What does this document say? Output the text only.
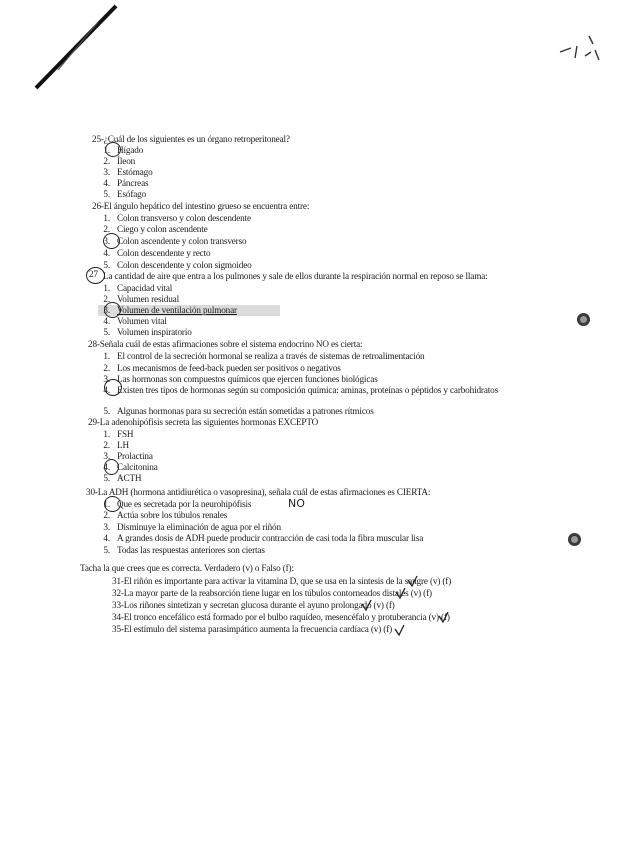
25-¿Cuál de los siguientes es un órgano retroperitoneal?
1. Hígado
2. Íleon
3. Estómago
4. Páncreas
5. Esófago
26-El ángulo hepático del intestino grueso se encuentra entre:
1. Colon transverso y colon descendente
2. Ciego y colon ascendente
3. Colon ascendente y colon transverso
4. Colon descendente y recto
5. Colon descendente y colon sigmoideo
27 La cantidad de aire que entra a los pulmones y sale de ellos durante la respiración normal en reposo se llama:
1. Capacidad vital
2. Volumen residual
3. Volumen de ventilación pulmonar
4. Volumen vital
5. Volumen inspiratorio
28-Señala cuál de estas afirmaciones sobre el sistema endocrino NO es cierta:
1. El control de la secreción hormonal se realiza a través de sistemas de retroalimentación
2. Los mecanismos de feed-back pueden ser positivos o negativos
3. Las hormonas son compuestos químicos que ejercen funciones biológicas
4. Existen tres tipos de hormonas según su composición química: aminas, proteínas o péptidos y carbohidratos
5. Algunas hormonas para su secreción están sometidas a patrones rítmicos
29-La adenohipófisis secreta las siguientes hormonas EXCEPTO
1. FSH
2. LH
3. Prolactina
4. Calcitonina
5. ACTH
30-La ADH (hormona antidiurética o vasopresina), señala cuál de estas afirmaciones es CIERTA:
1. Que es secretada por la neurohipófisis	NO
2. Actúa sobre los túbulos renales
3. Disminuye la eliminación de agua por el riñón
4. A grandes dosis de ADH puede producir contracción de casi toda la fibra muscular lisa
5. Todas las respuestas anteriores son ciertas
Tacha la que crees que es correcta. Verdadero (v) o Falso (f):
31-El riñón es importante para activar la vitamina D, que se usa en la síntesis de la sangre (v) (f)
32-La mayor parte de la reabsorción tiene lugar en los túbulos contorneados distales (v) (f)
33-Los riñones sintetizan y secretan glucosa durante el ayuno prolongado (v) (f)
34-El tronco encefálico está formado por el bulbo raquídeo, mesencéfalo y protuberancia (v) (f)
35-El estímulo del sistema parasimpático aumenta la frecuencia cardíaca (v) (f)
